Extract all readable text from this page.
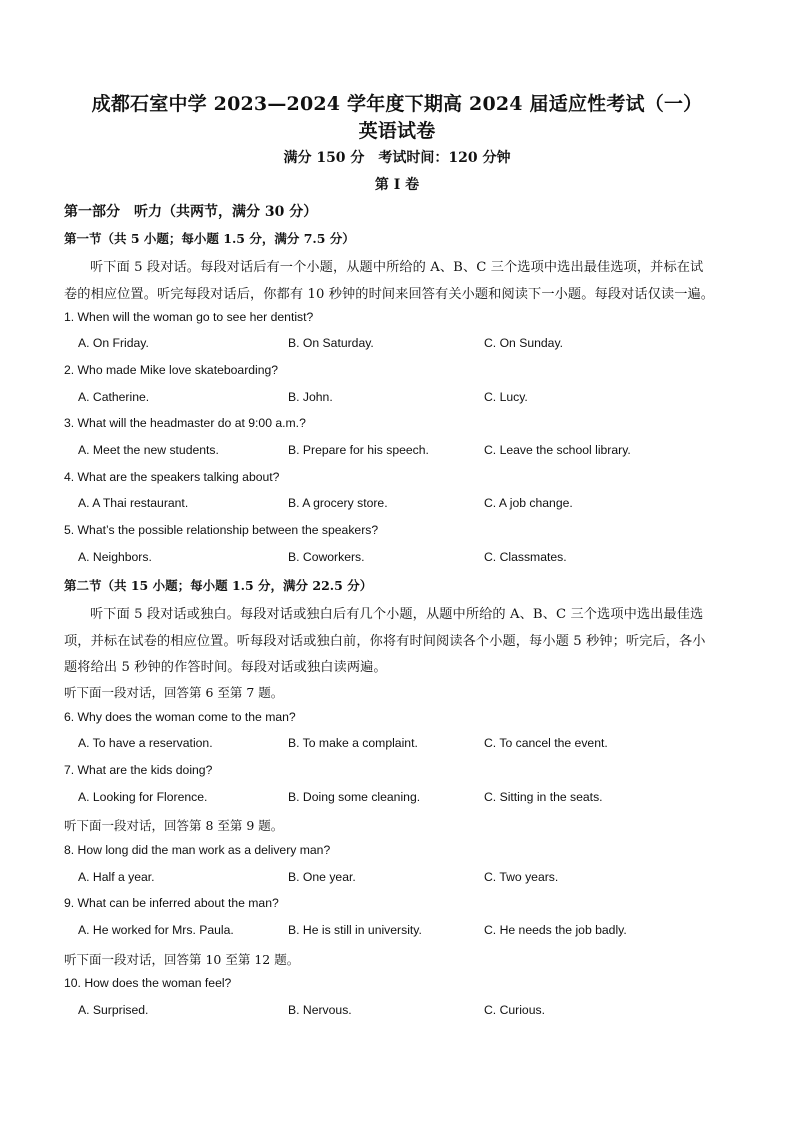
成都石室中学 2023—2024 学年度下期高 2024 届适应性考试（一）
英语试卷
满分 150 分　考试时间：120 分钟
第 I 卷
第一部分　听力（共两节，满分 30 分）
第一节（共 5 小题；每小题 1.5 分，满分 7.5 分）
听下面 5 段对话。每段对话后有一个小题，从题中所给的 A、B、C 三个选项中选出最佳选项，并标在试
卷的相应位置。听完每段对话后，你都有 10 秒钟的时间来回答有关小题和阅读下一小题。每段对话仅读一遍。
1. When will the woman go to see her dentist?
A. On Friday.	B. On Saturday.	C. On Sunday.
2. Who made Mike love skateboarding?
A. Catherine.	B. John.	C. Lucy.
3. What will the headmaster do at 9:00 a.m.?
A. Meet the new students.	B. Prepare for his speech.	C. Leave the school library.
4. What are the speakers talking about?
A. A Thai restaurant.	B. A grocery store.	C. A job change.
5. What’s the possible relationship between the speakers?
A. Neighbors.	B. Coworkers.	C. Classmates.
第二节（共 15 小题；每小题 1.5 分，满分 22.5 分）
听下面 5 段对话或独白。每段对话或独白后有几个小题，从题中所给的 A、B、C 三个选项中选出最佳选
项，并标在试卷的相应位置。听每段对话或独白前，你将有时间阅读各个小题，每小题 5 秒钟；听完后，各小
题将给出 5 秒钟的作答时间。每段对话或独白读两遍。
听下面一段对话，回答第 6 至第 7 题。
6. Why does the woman come to the man?
A. To have a reservation.	B. To make a complaint.	C. To cancel the event.
7. What are the kids doing?
A. Looking for Florence.	B. Doing some cleaning.	C. Sitting in the seats.
听下面一段对话，回答第 8 至第 9 题。
8. How long did the man work as a delivery man?
A. Half a year.	B. One year.	C. Two years.
9. What can be inferred about the man?
A. He worked for Mrs. Paula.	B. He is still in university.	C. He needs the job badly.
听下面一段对话，回答第 10 至第 12 题。
10. How does the woman feel?
A. Surprised.	B. Nervous.	C. Curious.
